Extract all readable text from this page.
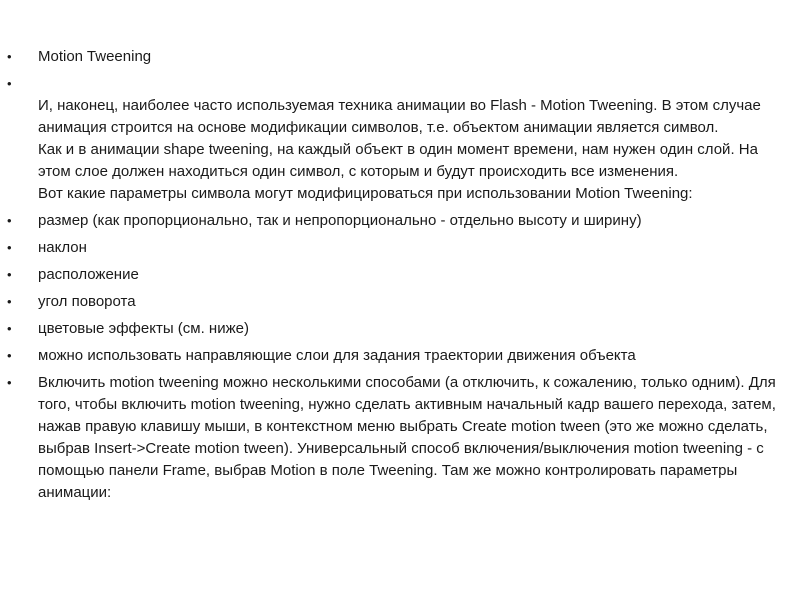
• Motion Tweening
•
И, наконец, наиболее часто используемая техника анимации во Flash - Motion Tweening. В этом случае анимация строится на основе модификации символов, т.е. объектом анимации является символ.
Как и в анимации shape tweening, на каждый объект в один момент времени, нам нужен один слой. На этом слое должен находиться один символ, с которым и будут происходить все изменения.
Вот какие параметры символа могут модифицироваться при использовании Motion Tweening:
• размер (как пропорционально, так и непропорционально - отдельно высоту и ширину)
• наклон
• расположение
• угол поворота
• цветовые эффекты (см. ниже)
• можно использовать направляющие слои для задания траектории движения объекта
• Включить motion tweening можно несколькими способами (а отключить, к сожалению, только одним). Для того, чтобы включить motion tweening, нужно сделать активным начальный кадр вашего перехода, затем, нажав правую клавишу мыши, в контекстном меню выбрать Create motion tween (это же можно сделать, выбрав Insert->Create motion tween). Универсальный способ включения/выключения motion tweening - с помощью панели Frame, выбрав Motion в поле Tweening. Там же можно контролировать параметры анимации:
